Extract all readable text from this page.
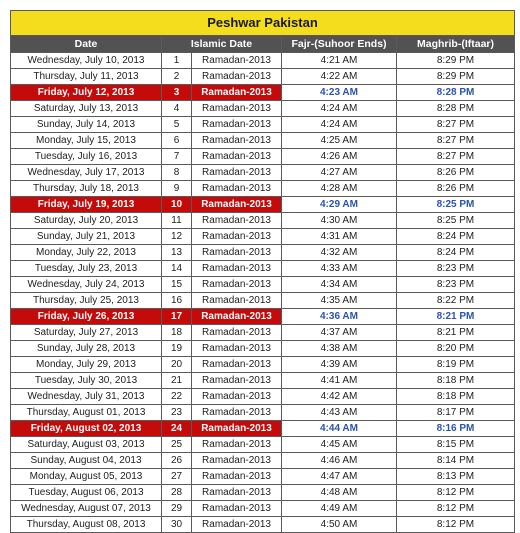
Peshwar Pakistan				
Date	Islamic Date		Fajr-(Suhoor Ends)	Maghrib-(Iftaar)
Wednesday, July 10, 2013	1	Ramadan-2013	4:21 AM	8:29 PM
Thursday, July 11, 2013	2	Ramadan-2013	4:22 AM	8:29 PM
Friday, July 12, 2013	3	Ramadan-2013	4:23 AM	8:28 PM
Saturday, July 13, 2013	4	Ramadan-2013	4:24 AM	8:28 PM
Sunday, July 14, 2013	5	Ramadan-2013	4:24 AM	8:27 PM
Monday, July 15, 2013	6	Ramadan-2013	4:25 AM	8:27 PM
Tuesday, July 16, 2013	7	Ramadan-2013	4:26 AM	8:27 PM
Wednesday, July 17, 2013	8	Ramadan-2013	4:27 AM	8:26 PM
Thursday, July 18, 2013	9	Ramadan-2013	4:28 AM	8:26 PM
Friday, July 19, 2013	10	Ramadan-2013	4:29 AM	8:25 PM
Saturday, July 20, 2013	11	Ramadan-2013	4:30 AM	8:25 PM
Sunday, July 21, 2013	12	Ramadan-2013	4:31 AM	8:24 PM
Monday, July 22, 2013	13	Ramadan-2013	4:32 AM	8:24 PM
Tuesday, July 23, 2013	14	Ramadan-2013	4:33 AM	8:23 PM
Wednesday, July 24, 2013	15	Ramadan-2013	4:34 AM	8:23 PM
Thursday, July 25, 2013	16	Ramadan-2013	4:35 AM	8:22 PM
Friday, July 26, 2013	17	Ramadan-2013	4:36 AM	8:21 PM
Saturday, July 27, 2013	18	Ramadan-2013	4:37 AM	8:21 PM
Sunday, July 28, 2013	19	Ramadan-2013	4:38 AM	8:20 PM
Monday, July 29, 2013	20	Ramadan-2013	4:39 AM	8:19 PM
Tuesday, July 30, 2013	21	Ramadan-2013	4:41 AM	8:18 PM
Wednesday, July 31, 2013	22	Ramadan-2013	4:42 AM	8:18 PM
Thursday, August 01, 2013	23	Ramadan-2013	4:43 AM	8:17 PM
Friday, August 02, 2013	24	Ramadan-2013	4:44 AM	8:16 PM
Saturday, August 03, 2013	25	Ramadan-2013	4:45 AM	8:15 PM
Sunday, August 04, 2013	26	Ramadan-2013	4:46 AM	8:14 PM
Monday, August 05, 2013	27	Ramadan-2013	4:47 AM	8:13 PM
Tuesday, August 06, 2013	28	Ramadan-2013	4:48 AM	8:12 PM
Wednesday, August 07, 2013	29	Ramadan-2013	4:49 AM	8:12 PM
Thursday, August 08, 2013	30	Ramadan-2013	4:50 AM	8:12 PM
